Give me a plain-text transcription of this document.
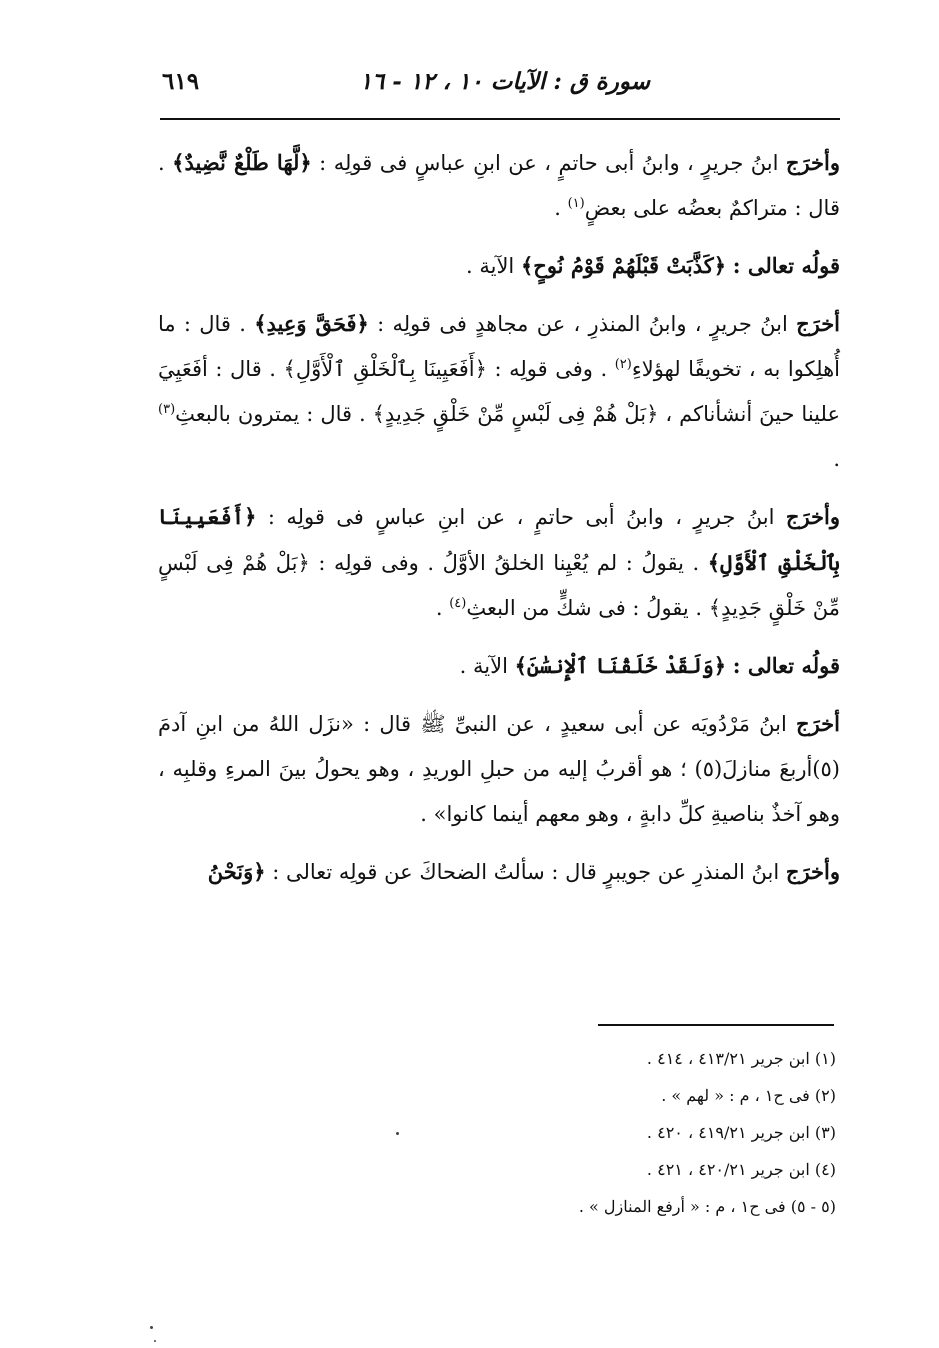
سورة ق : الآيات ١٠ ، ١٢ - ١٦
٦١٩

وأخرَج ابنُ جريرٍ ، وابنُ أبى حاتمٍ ، عن ابنِ عباسٍ فى قولِه : ﴿لَّهَا طَلْعٌ نَّضِيدٌ﴾ . قال : متراكمٌ بعضُه على بعضٍ$^{(١)}$ .

قولُه تعالى : ﴿كَذَّبَتْ قَبْلَهُمْ قَوْمُ نُوحٍ﴾ الآية .

أخرَج ابنُ جريرٍ ، وابنُ المنذرِ ، عن مجاهدٍ فى قولِه : ﴿فَحَقَّ وَعِيدِ﴾ . قال : ما أُهلِكوا به ، تخويفًا لهؤلاءِ$^{(٢)}$ . وفى قولِه : ﴿أَفَعَيِينَا بِٱلْخَلْقِ ٱلْأَوَّلِ﴾ . قال : أفَعَيِيَ علينا حينَ أنشأناكم ، ﴿بَلْ هُمْ فِى لَبْسٍ مِّنْ خَلْقٍ جَدِيدٍ﴾ . قال : يمترون بالبعثِ$^{(٣)}$ .

وأخرَج ابنُ جريرٍ ، وابنُ أبى حاتمٍ ، عن ابنِ عباسٍ فى قولِه : ﴿أَفَعَيِينَا بِٱلْخَلْقِ ٱلْأَوَّلِ﴾ . يقولُ : لم يُعْيِنا الخلقُ الأوَّلُ . وفى قولِه : ﴿بَلْ هُمْ فِى لَبْسٍ مِّنْ خَلْقٍ جَدِيدٍ﴾ . يقولُ : فى شكٍّ من البعثِ$^{(٤)}$ .

قولُه تعالى : ﴿وَلَقَدْ خَلَقْنَا ٱلْإِنسَٰنَ﴾ الآية .

أخرَج ابنُ مَرْدُويَه عن أبى سعيدٍ ، عن النبىِّ ﷺ قال : «نزَل اللهُ من ابنِ آدمَ (٥)أربعَ منازلَ(٥) ؛ هو أقربُ إليه من حبلِ الوريدِ ، وهو يحولُ بينَ المرءِ وقلبِه ، وهو آخذٌ بناصيةِ كلِّ دابةٍ ، وهو معهم أينما كانوا» .

وأخرَج ابنُ المنذرِ عن جويبرٍ قال : سألتُ الضحاكَ عن قولِه تعالى : ﴿وَنَحْنُ

(١) ابن جرير ٤١٣/٢١ ، ٤١٤ .
(٢) فى ح١ ، م : « لهم » .
(٣) ابن جرير ٤١٩/٢١ ، ٤٢٠ .
(٤) ابن جرير ٤٢٠/٢١ ، ٤٢١ .
(٥ - ٥) فى ح١ ، م : « أرفع المنازل » .
